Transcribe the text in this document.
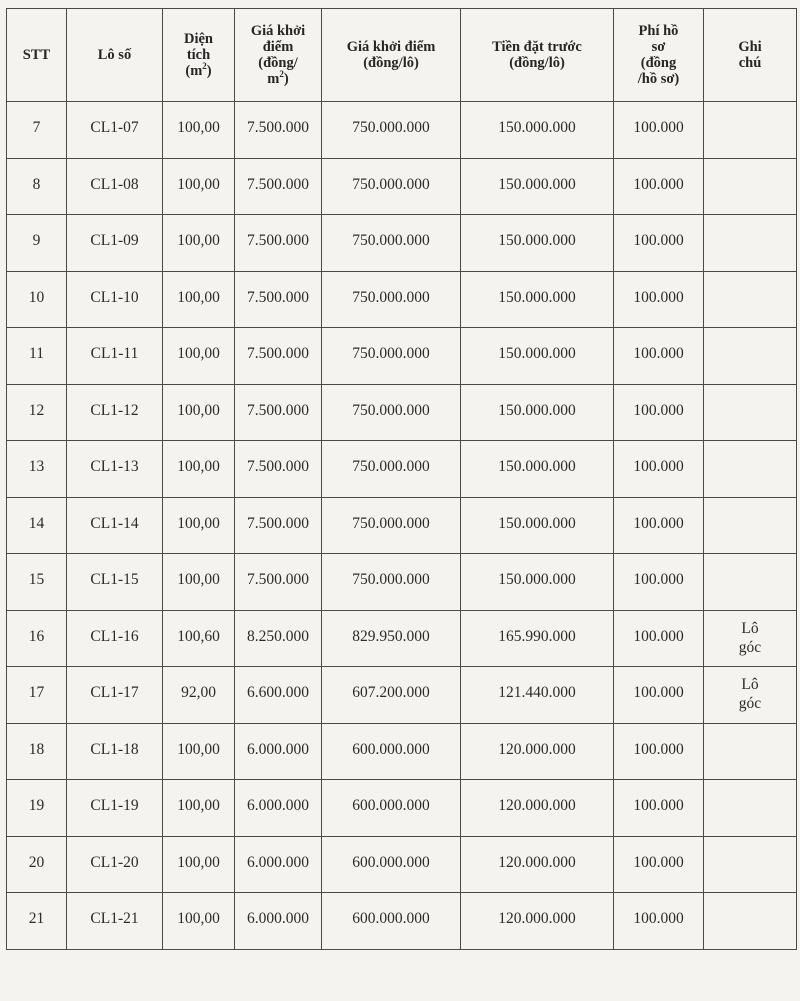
STT	Lô số	Diện
tích
$(m^2)$	Giá khởi
điểm
(đồng/
$m^2$)	Giá khởi điểm
(đồng/lô)	Tiền đặt trước
(đồng/lô)	Phí hồ
sơ
(đồng
/hồ sơ)	Ghi
chú
7	CL1-07	100,00	7.500.000	750.000.000	150.000.000	100.000	

8	CL1-08	100,00	7.500.000	750.000.000	150.000.000	100.000	

9	CL1-09	100,00	7.500.000	750.000.000	150.000.000	100.000	

10	CL1-10	100,00	7.500.000	750.000.000	150.000.000	100.000	

11	CL1-11	100,00	7.500.000	750.000.000	150.000.000	100.000	

12	CL1-12	100,00	7.500.000	750.000.000	150.000.000	100.000	

13	CL1-13	100,00	7.500.000	750.000.000	150.000.000	100.000	

14	CL1-14	100,00	7.500.000	750.000.000	150.000.000	100.000	

15	CL1-15	100,00	7.500.000	750.000.000	150.000.000	100.000	

16	CL1-16	100,60	8.250.000	829.950.000	165.990.000	100.000	Lô
góc
17	CL1-17	92,00	6.600.000	607.200.000	121.440.000	100.000	Lô
góc
18	CL1-18	100,00	6.000.000	600.000.000	120.000.000	100.000	

19	CL1-19	100,00	6.000.000	600.000.000	120.000.000	100.000	

20	CL1-20	100,00	6.000.000	600.000.000	120.000.000	100.000	

21	CL1-21	100,00	6.000.000	600.000.000	120.000.000	100.000	
